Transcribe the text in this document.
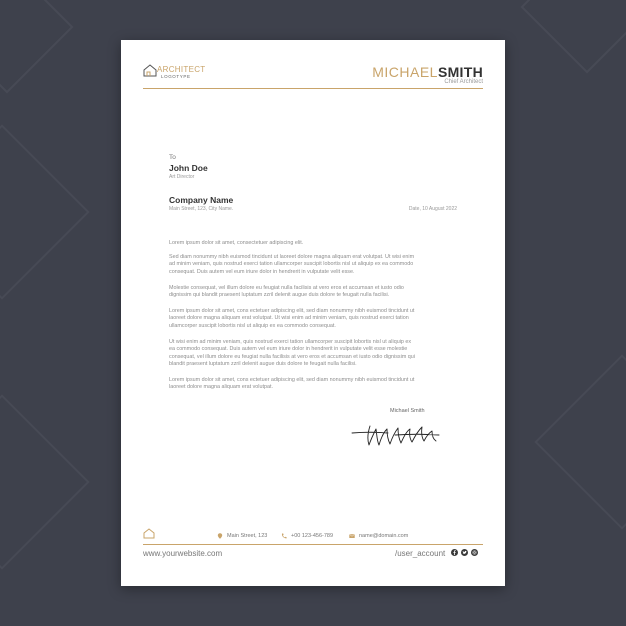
ARCHITECT
LOGOTYPE	MICHAELSMITH
Chief Architect
To
John Doe
Art Director
Company Name
Main Street, 123, City Name.	Date, 10 August 2022
Lorem ipsum dolor sit amet, consectetuer adipiscing elit.
Sed diam nonummy nibh euismod tincidunt ut laoreet dolore magna aliquam erat volutpat. Ut wisi enim
ad minim veniam, quis nostrud exerci tation ullamcorper suscipit lobortis nisl ut aliquip ex ea commodo
consequat. Duis autem vel eum iriure dolor in hendrerit in vulputate velit esse.
Molestie consequat, vel illum dolore eu feugiat nulla facilisis at vero eros et accumsan et iusto odio
dignissim qui blandit praesent luptatum zzril delenit augue duis dolore te feugait nulla facilisi.
Lorem ipsum dolor sit amet, cons ectetuer adipiscing elit, sed diam nonummy nibh euismod tincidunt ut
laoreet dolore magna aliquam erat volutpat. Ut wisi enim ad minim veniam, quis nostrud exerci tation
ullamcorper suscipit lobortis nisl ut aliquip ex ea commodo consequat.
Ut wisi enim ad minim veniam, quis nostrud exerci tation ullamcorper suscipit lobortis nisl ut aliquip ex
ea commodo consequat. Duis autem vel eum iriure dolor in hendrerit in vulputate velit esse molestie
consequat, vel illum dolore eu feugiat nulla facilisis at vero eros et accumsan et iusto odio dignissim qui
blandit praesent luptatum zzril delenit augue duis dolore te feugait nulla facilisi.
Lorem ipsum dolor sit amet, cons ectetuer adipiscing elit, sed diam nonummy nibh euismod tincidunt ut
laoreet dolore magna aliquam erat volutpat.
Michael Smith
Main Street, 123	+00 123-456-789	name@domain.com
www.yourwebsite.com	/user_account
